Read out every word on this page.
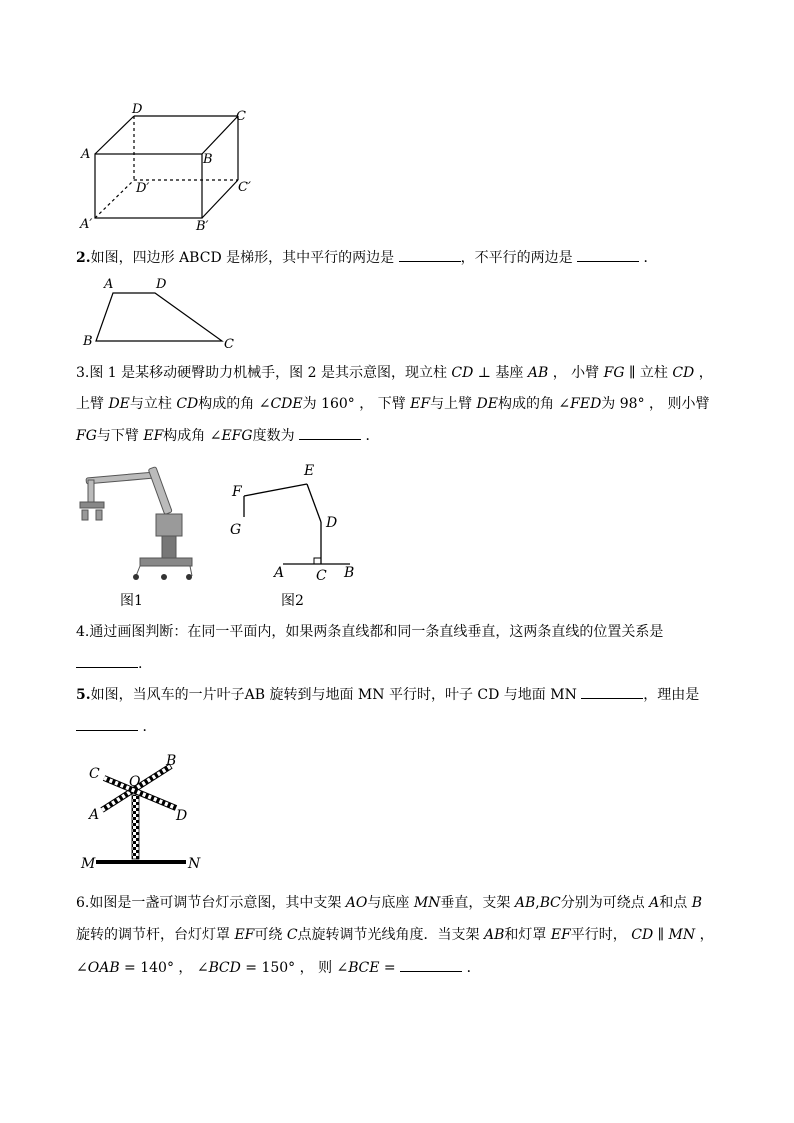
D	C
A	B
D′	C′
A′	B′
2.如图，四边形 ABCD 是梯形，其中平行的两边是	，不平行的两边是	．
A	D
B	C
3.图 1 是某移动硬臀助力机械手，图 2 是其示意图，现立柱 𝐶𝐷 ⊥ 基座 𝐴𝐵 ， 小臂 𝐹𝐺 ∥ 立柱 𝐶𝐷 ，
上臂 𝐷𝐸与立柱 𝐶𝐷构成的角 ∠𝐶𝐷𝐸为 160° ， 下臂 𝐸𝐹与上臂 𝐷𝐸构成的角 ∠𝐹𝐸𝐷为 98° ， 则小臂
𝐹𝐺与下臂 𝐸𝐹构成角 ∠𝐸𝐹𝐺度数为	．
图1
E
F
G	D
A C B
图2
4.通过画图判断：在同一平面内，如果两条直线都和同一条直线垂直，这两条直线的位置关系是
.
5.如图，当风车的一片叶子AB 旋转到与地面 MN 平行时，叶子 CD 与地面 MN	，理由是
．
C O
B
A	D
M	N
6.如图是一盏可调节台灯示意图，其中支架 𝐴𝑂与底座 𝑀𝑁垂直，支架 𝐴𝐵,𝐵𝐶分别为可绕点 𝐴和点 𝐵
旋转的调节杆，台灯灯罩 𝐸𝐹可绕 𝐶点旋转调节光线角度．当支架 𝐴𝐵和灯罩 𝐸𝐹平行时， 𝐶𝐷 ∥ 𝑀𝑁 ，
∠𝑂𝐴𝐵 = 140° ， ∠𝐵𝐶𝐷 = 150° ， 则 ∠𝐵𝐶𝐸 =	．
